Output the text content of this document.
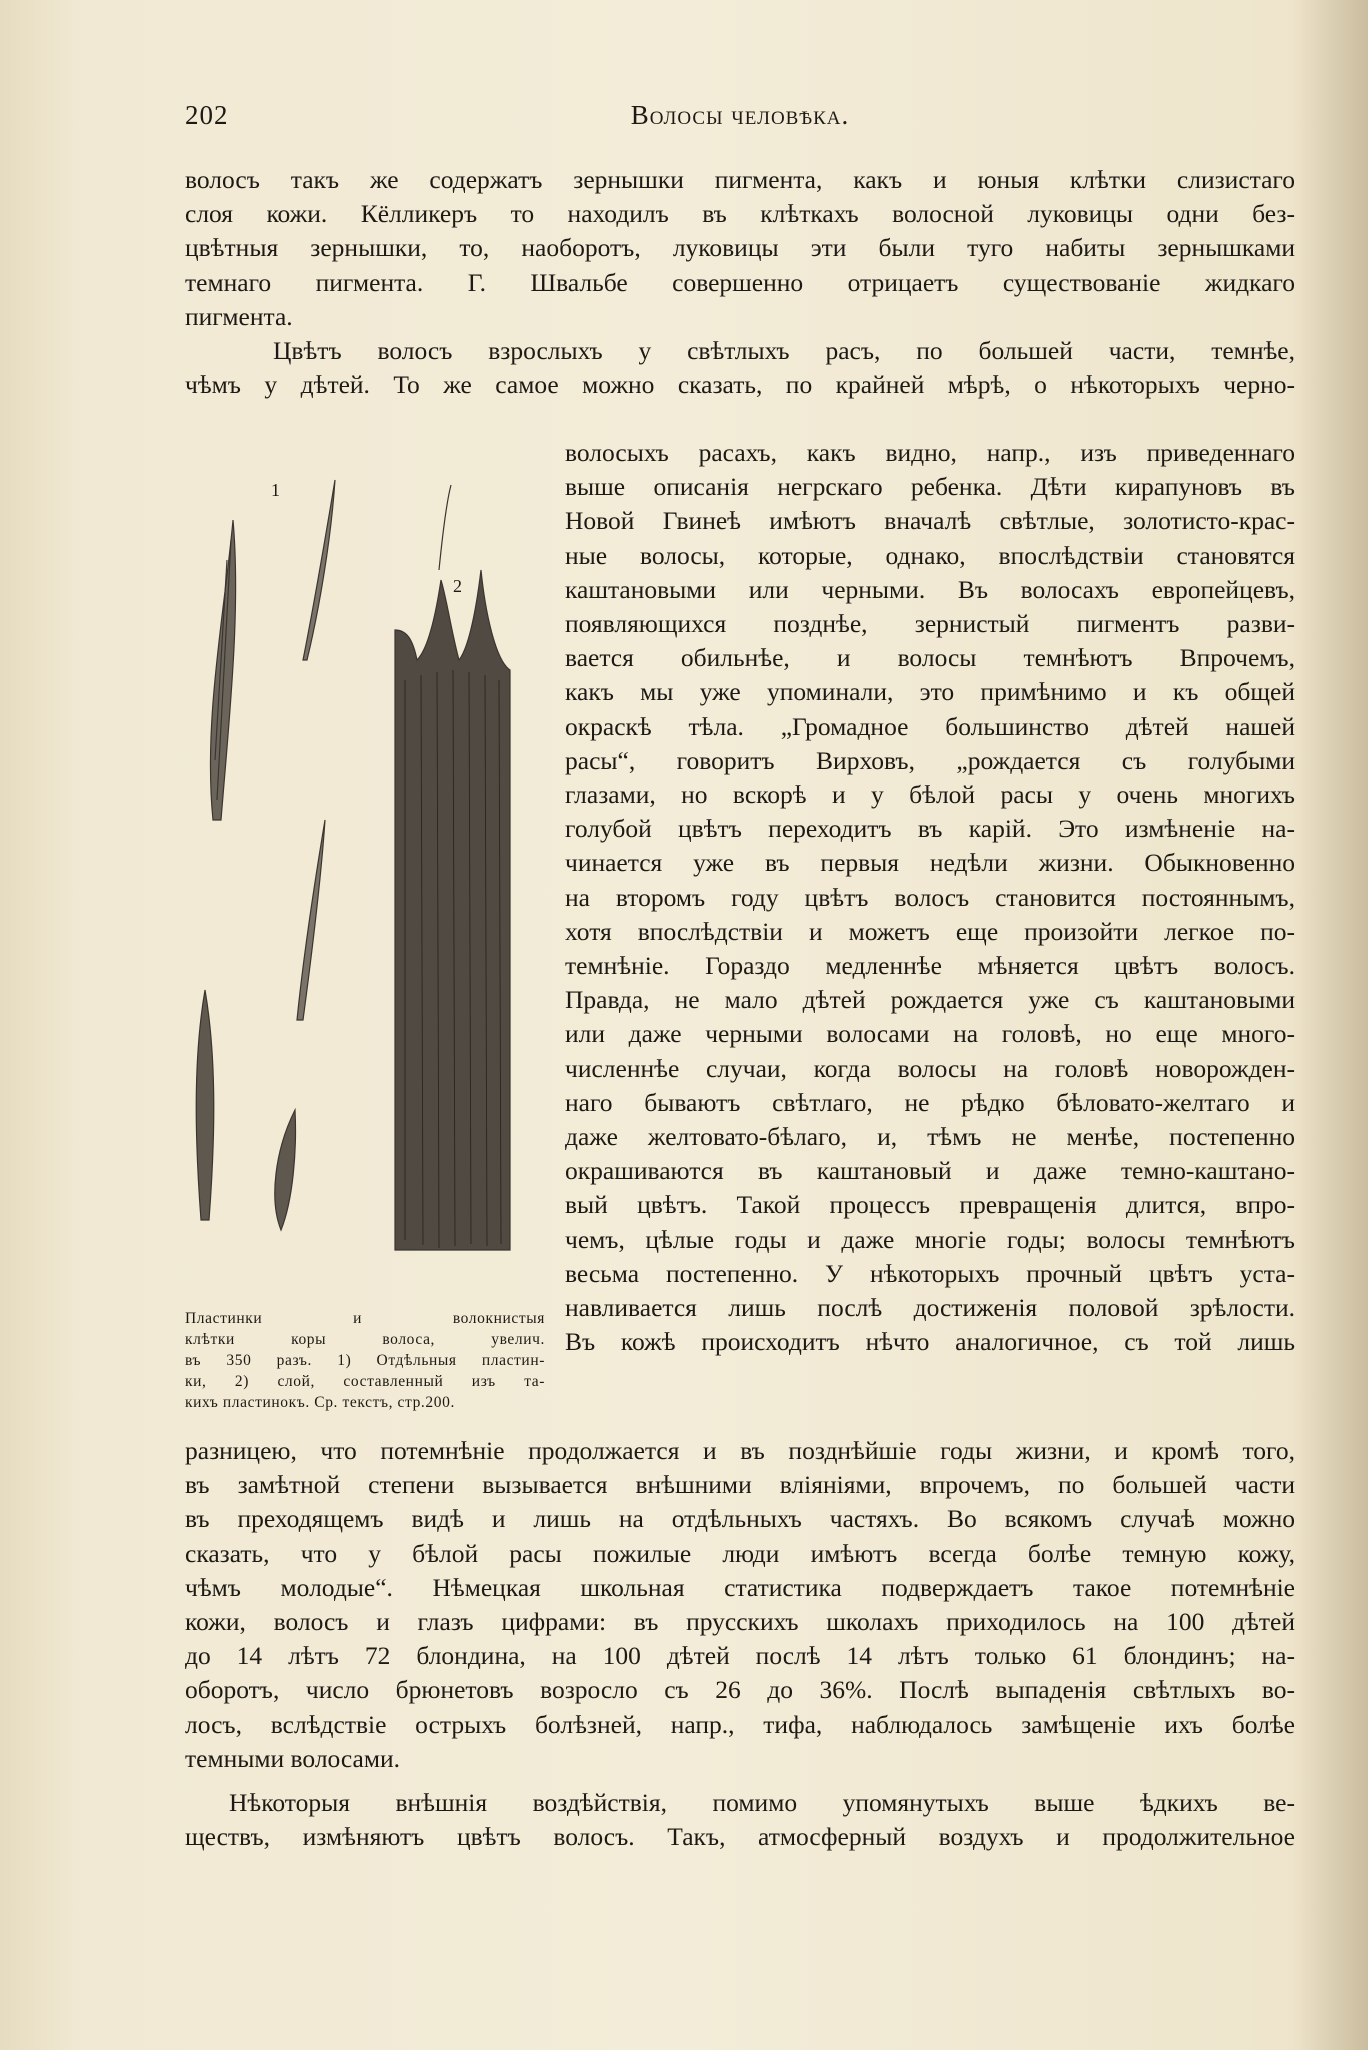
202	Волосы человѣка.
волосъ такъ же содержатъ зернышки пигмента, какъ и юныя клѣтки слизистаго
слоя кожи. Кёлликеръ то находилъ въ клѣткахъ волосной луковицы одни без-
цвѣтныя зернышки, то, наоборотъ, луковицы эти были туго набиты зернышками
темнаго пигмента. Г. Швальбе совершенно отрицаетъ существованіе жидкаго
пигмента.
Цвѣтъ волосъ взрослыхъ у свѣтлыхъ расъ, по большей части, темнѣе,
чѣмъ у дѣтей. То же самое можно сказать, по крайней мѣрѣ, о нѣкоторыхъ черно-
1
2
волосыхъ расахъ, какъ видно, напр., изъ приведеннаго
выше описанія негрскаго ребенка. Дѣти кирапуновъ въ
Новой Гвинеѣ имѣютъ вначалѣ свѣтлые, золотисто-крас-
ные волосы, которые, однако, впослѣдствіи становятся
каштановыми или черными. Въ волосахъ европейцевъ,
появляющихся позднѣе, зернистый пигментъ разви-
вается обильнѣе, и волосы темнѣютъ Впрочемъ,
какъ мы уже упоминали, это примѣнимо и къ общей
окраскѣ тѣла. „Громадное большинство дѣтей нашей
расы“, говоритъ Вирховъ, „рождается съ голубыми
глазами, но вскорѣ и у бѣлой расы у очень многихъ
голубой цвѣтъ переходитъ въ карій. Это измѣненіе на-
чинается уже въ первыя недѣли жизни. Обыкновенно
на второмъ году цвѣтъ волосъ становится постояннымъ,
хотя впослѣдствіи и можетъ еще произойти легкое по-
темнѣніе. Гораздо медленнѣе мѣняется цвѣтъ волосъ.
Правда, не мало дѣтей рождается уже съ каштановыми
или даже черными волосами на головѣ, но еще много-
численнѣе случаи, когда волосы на головѣ новорожден-
наго бываютъ свѣтлаго, не рѣдко бѣловато-желтаго и
даже желтовато-бѣлаго, и, тѣмъ не менѣе, постепенно
окрашиваются въ каштановый и даже темно-каштано-
вый цвѣтъ. Такой процессъ превращенія длится, впро-
чемъ, цѣлые годы и даже многіе годы; волосы темнѣютъ
весьма постепенно. У нѣкоторыхъ прочный цвѣтъ уста-
навливается лишь послѣ достиженія половой зрѣлости.
Въ кожѣ происходитъ нѣчто аналогичное, съ той лишь
Пластинки и волокнистыя
клѣтки коры волоса, увелич.
въ 350 разъ. 1) Отдѣльныя пластин-
ки, 2) слой, составленный изъ та-
кихъ пластинокъ. Ср. текстъ, стр.200.
разницею, что потемнѣніе продолжается и въ позднѣйшіе годы жизни, и кромѣ того,
въ замѣтной степени вызывается внѣшними вліяніями, впрочемъ, по большей части
въ преходящемъ видѣ и лишь на отдѣльныхъ частяхъ. Во всякомъ случаѣ можно
сказать, что у бѣлой расы пожилые люди имѣютъ всегда болѣе темную кожу,
чѣмъ молодые“. Нѣмецкая школьная статистика подверждаетъ такое потемнѣніе
кожи, волосъ и глазъ цифрами: въ прусскихъ школахъ приходилось на 100 дѣтей
до 14 лѣтъ 72 блондина, на 100 дѣтей послѣ 14 лѣтъ только 61 блондинъ; на-
оборотъ, число брюнетовъ возросло съ 26 до 36%. Послѣ выпаденія свѣтлыхъ во-
лосъ, вслѣдствіе острыхъ болѣзней, напр., тифа, наблюдалось замѣщеніе ихъ болѣе
темными волосами.
Нѣкоторыя внѣшнія воздѣйствія, помимо упомянутыхъ выше ѣдкихъ ве-
ществъ, измѣняютъ цвѣтъ волосъ. Такъ, атмосферный воздухъ и продолжительное
